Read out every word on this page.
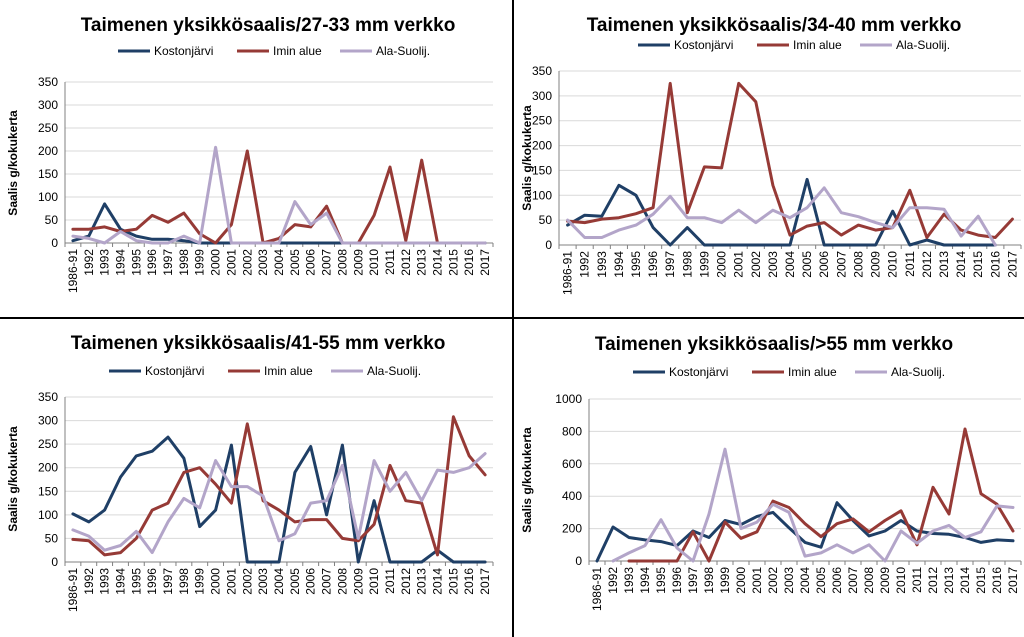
Taimenen yksikkösaalis/27-33 mm verkko
Kostonjärvi	Imin alue	Ala-Suolij.
Saalis g/kokukerta
0
50
100
150
200
250
300
350
1986-91 1992 1993 1994 1995 1996 1997 1998 1999 2000 2001 2002 2003 2004 2005 2006 2007 2008 2009 2010 2011 2012 2013 2014 2015 2016 2017
Taimenen yksikkösaalis/34-40 mm verkko
Kostonjärvi	Imin alue	Ala-Suolij.
Saalis g/kokukerta
0
50
100
150
200
250
300
350
1986-91 1992 1993 1994 1995 1996 1997 1998 1999 2000 2001 2002 2003 2004 2005 2006 2007 2008 2009 2010 2011 2012 2013 2014 2015 2016 2017
Taimenen yksikkösaalis/41-55 mm verkko
Kostonjärvi	Imin alue	Ala-Suolij.
Saalis g/kokukerta
0
50
100
150
200
250
300
350
1986-91 1992 1993 1994 1995 1996 1997 1998 1999 2000 2001 2002 2003 2004 2005 2006 2007 2008 2009 2010 2011 2012 2013 2014 2015 2016 2017
Taimenen yksikkösaalis/>55 mm verkko
Kostonjärvi	Imin alue	Ala-Suolij.
Saalis g/kokukerta
0
200
400
600
800
1000
1986-91 1992 1993 1994 1995 1996 1997 1998 1999 2000 2001 2002 2003 2004 2005 2006 2007 2008 2009 2010 2011 2012 2013 2014 2015 2016 2017
